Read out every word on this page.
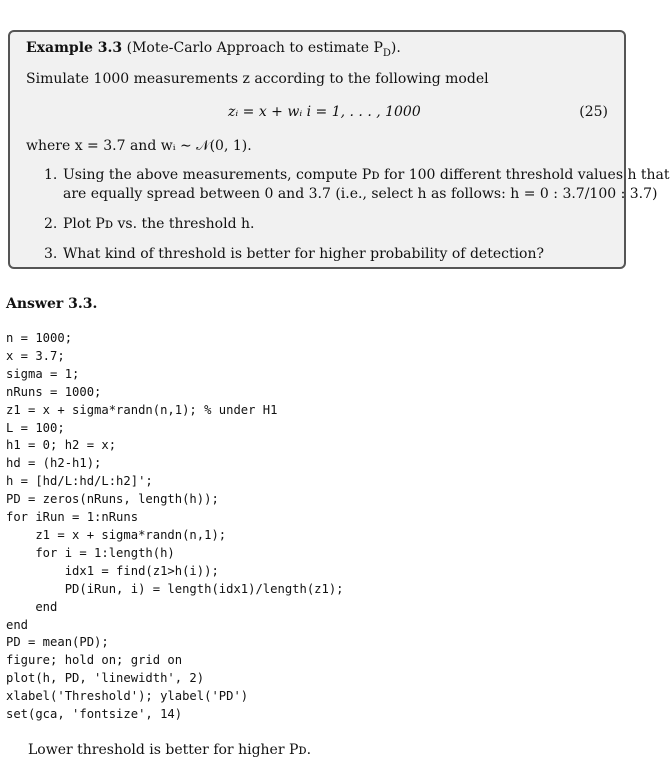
Example 3.3 (Mote-Carlo Approach to estimate $P_D$).
Simulate 1000 measurements z according to the following model
zᵢ = x + wᵢ i = 1, . . . , 1000	(25)
where x = 3.7 and wᵢ ∼ 𝒩(0, 1).
1. Using the above measurements, compute Pᴅ for 100 different threshold values h that
are equally spread between 0 and 3.7 (i.e., select h as follows: h = 0 : 3.7/100 : 3.7)
2. Plot Pᴅ vs. the threshold h.
3. What kind of threshold is better for higher probability of detection?
Answer 3.3.
n = 1000;
x = 3.7;
sigma = 1;
nRuns = 1000;
z1 = x + sigma*randn(n,1); % under H1
L = 100;
h1 = 0; h2 = x;
hd = (h2-h1);
h = [hd/L:hd/L:h2]';
PD = zeros(nRuns, length(h));
for iRun = 1:nRuns
z1 = x + sigma*randn(n,1);
for i = 1:length(h)
idx1 = find(z1>h(i));
PD(iRun, i) = length(idx1)/length(z1);
end
end
PD = mean(PD);
figure; hold on; grid on
plot(h, PD, 'linewidth', 2)
xlabel('Threshold'); ylabel('PD')
set(gca, 'fontsize', 14)
Lower threshold is better for higher Pᴅ.
